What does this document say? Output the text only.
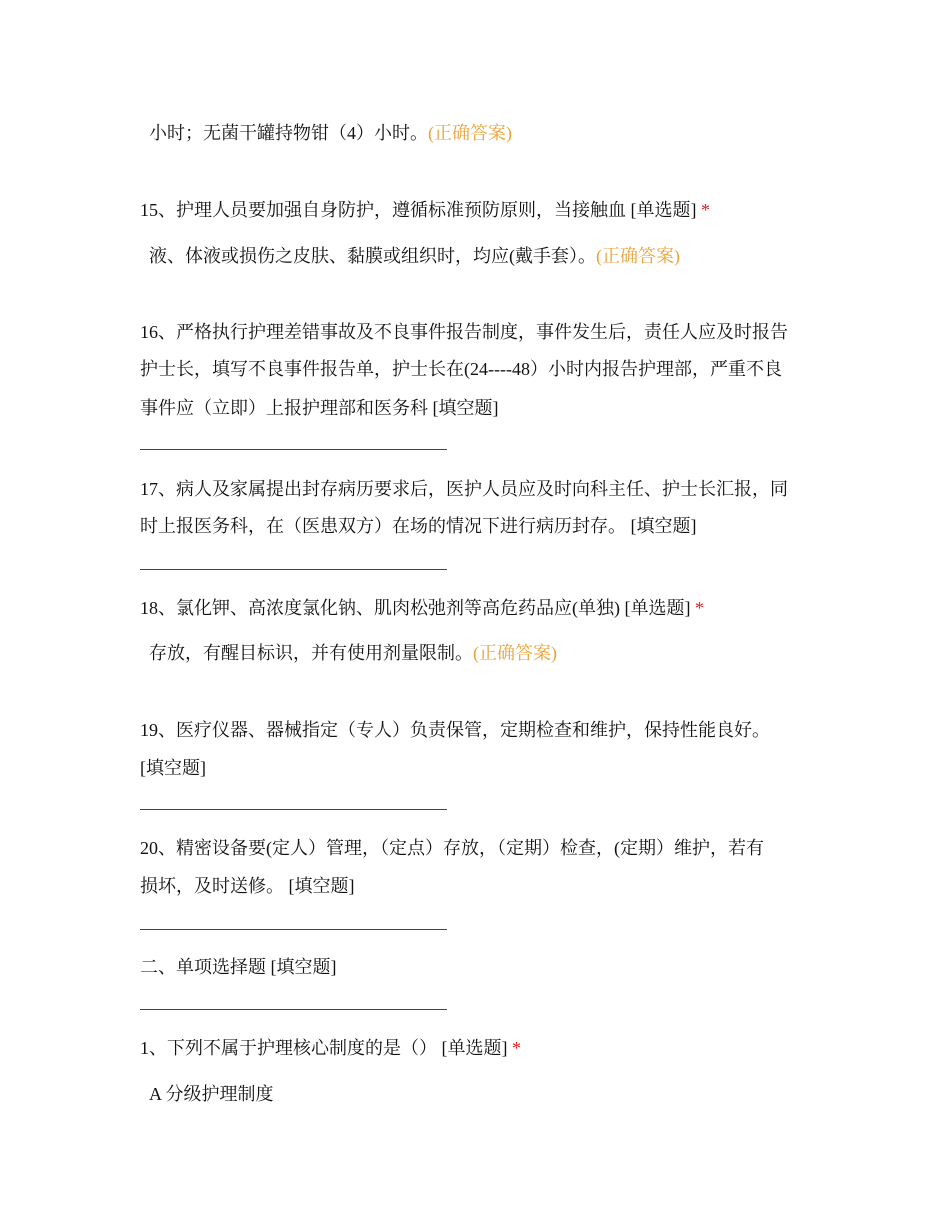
小时；无菌干罐持物钳（4）小时。(正确答案)
15、护理人员要加强自身防护，遵循标准预防原则，当接触血 [单选题] *
液、体液或损伤之皮肤、黏膜或组织时，均应(戴手套）。(正确答案)
16、严格执行护理差错事故及不良事件报告制度，事件发生后，责任人应及时报告
护士长，填写不良事件报告单，护士长在(24----48）小时内报告护理部，严重不良
事件应（立即）上报护理部和医务科 [填空题]
17、病人及家属提出封存病历要求后，医护人员应及时向科主任、护士长汇报，同
时上报医务科，在（医患双方）在场的情况下进行病历封存。 [填空题]
18、氯化钾、高浓度氯化钠、肌肉松弛剂等高危药品应(单独) [单选题] *
存放，有醒目标识，并有使用剂量限制。(正确答案)
19、医疗仪器、器械指定（专人）负责保管，定期检查和维护，保持性能良好。
[填空题]
20、精密设备要(定人）管理，（定点）存放，（定期）检查，(定期）维护，若有
损坏，及时送修。 [填空题]
二、单项选择题 [填空题]
1、下列不属于护理核心制度的是（） [单选题] *
A 分级护理制度
